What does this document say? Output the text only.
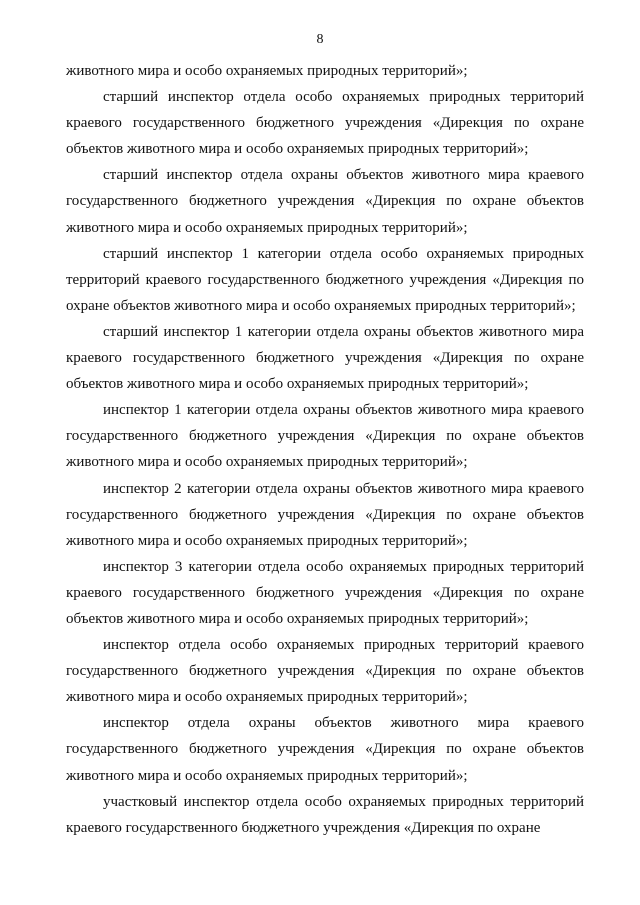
8

животного мира и особо охраняемых природных территорий»;

старший инспектор отдела особо охраняемых природных территорий краевого государственного бюджетного учреждения «Дирекция по охране объектов животного мира и особо охраняемых природных территорий»;

старший инспектор отдела охраны объектов животного мира краевого государственного бюджетного учреждения «Дирекция по охране объектов животного мира и особо охраняемых природных территорий»;

старший инспектор 1 категории отдела особо охраняемых природных территорий краевого государственного бюджетного учреждения «Дирекция по охране объектов животного мира и особо охраняемых природных территорий»;

старший инспектор 1 категории отдела охраны объектов животного мира краевого государственного бюджетного учреждения «Дирекция по охране объектов животного мира и особо охраняемых природных территорий»;

инспектор 1 категории отдела охраны объектов животного мира краевого государственного бюджетного учреждения «Дирекция по охране объектов животного мира и особо охраняемых природных территорий»;

инспектор 2 категории отдела охраны объектов животного мира краевого государственного бюджетного учреждения «Дирекция по охране объектов животного мира и особо охраняемых природных территорий»;

инспектор 3 категории отдела особо охраняемых природных территорий краевого государственного бюджетного учреждения «Дирекция по охране объектов животного мира и особо охраняемых природных территорий»;

инспектор отдела особо охраняемых природных территорий краевого государственного бюджетного учреждения «Дирекция по охране объектов животного мира и особо охраняемых природных территорий»;

инспектор отдела охраны объектов животного мира краевого государственного бюджетного учреждения «Дирекция по охране объектов животного мира и особо охраняемых природных территорий»;

участковый инспектор отдела особо охраняемых природных территорий краевого государственного бюджетного учреждения «Дирекция по охране
